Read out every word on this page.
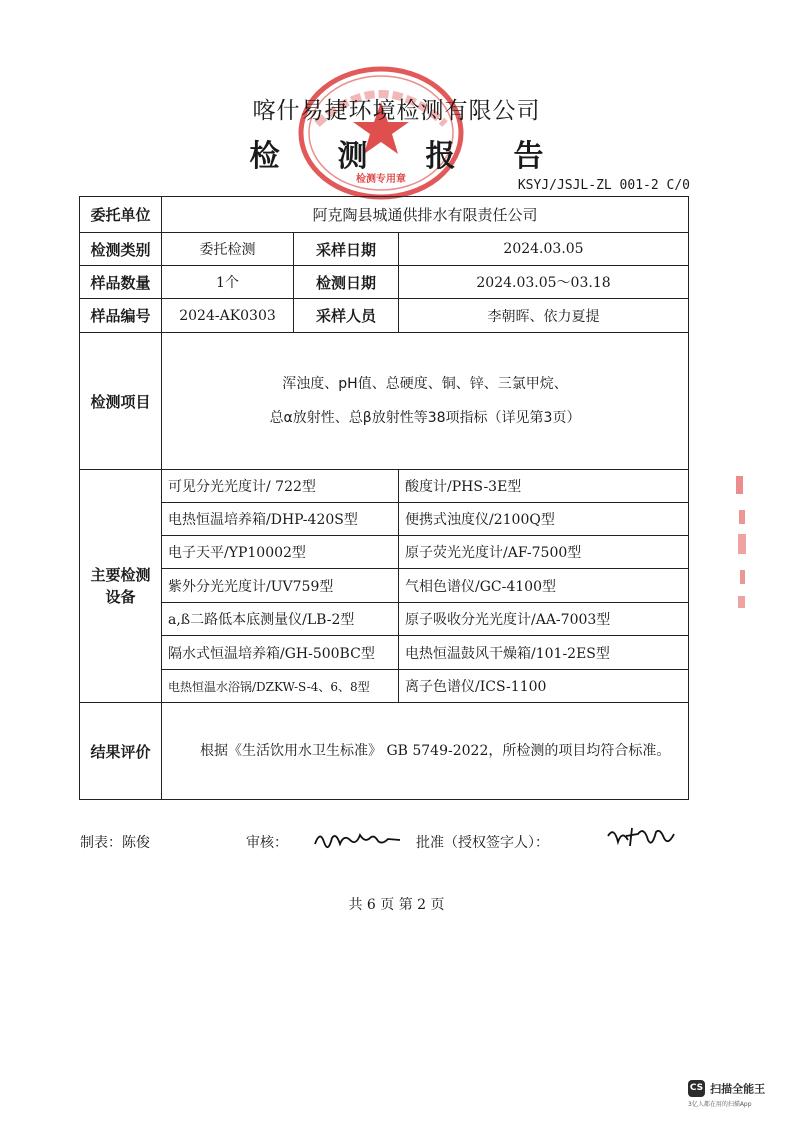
检测专用章
喀什易捷环境检测有限公司
检测报告
KSYJ/JSJL-ZL 001-2 C/0
委托单位	阿克陶县城通供排水有限责任公司		
检测类别	委托检测	采样日期	2024.03.05
样品数量	1个	检测日期	2024.03.05～03.18
样品编号	2024-AK0303	采样人员	李朝晖、依力夏提
检测项目	浑浊度、pH值、总硬度、铜、锌、三氯甲烷、
总α放射性、总β放射性等38项指标（详见第3页）		

主要检测
设备	可见分光光度计/ 722型		酸度计/PHS-3E型
	电热恒温培养箱/DHP-420S型		便携式浊度仪/2100Q型
	电子天平/YP10002型		原子荧光光度计/AF-7500型
	紫外分光光度计/UV759型		气相色谱仪/GC-4100型
	a,ß二路低本底测量仪/LB-2型		原子吸收分光光度计/AA-7003型
	隔水式恒温培养箱/GH-500BC型		电热恒温鼓风干燥箱/101-2ES型
	电热恒温水浴锅/DZKW-S-4、6、8型		离子色谱仪/ICS-1100
结果评价	根据《生活饮用水卫生标准》 GB 5749-2022，所检测的项目均符合标准。		
制表：陈俊	审核：	批准（授权签字人）：
共 6 页 第 2 页
CS 扫描全能王
3亿人都在用的扫描App
